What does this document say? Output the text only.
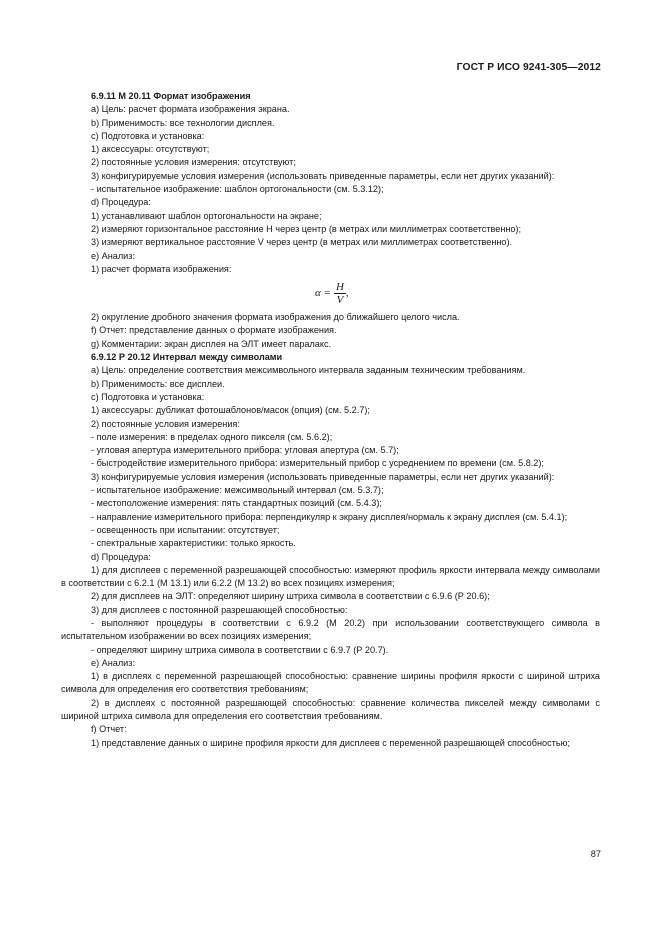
ГОСТ Р ИСО 9241-305—2012

6.9.11 М 20.11 Формат изображения

a) Цель: расчет формата изображения экрана.

b) Применимость: все технологии дисплея.

c) Подготовка и установка:

1) аксессуары: отсутствуют;

2) постоянные условия измерения: отсутствуют;

3) конфигурируемые условия измерения (использовать приведенные параметры, если нет других указаний):

- испытательное изображение: шаблон ортогональности (см. 5.3.12);

d) Процедура:

1) устанавливают шаблон ортогональности на экране;

2) измеряют горизонтальное расстояние H через центр (в метрах или миллиметрах соответственно);

3) измеряют вертикальное расстояние V через центр (в метрах или миллиметрах соответственно).

e) Анализ:

1) расчет формата изображения:

$\alpha = \frac{H}{V}$ ,

2) округление дробного значения формата изображения до ближайшего целого числа.

f) Отчет: представление данных о формате изображения.

g) Комментарии: экран дисплея на ЭЛТ имеет паралакс.

6.9.12 Р 20.12 Интервал между символами

a) Цель: определение соответствия межсимвольного интервала заданным техническим требованиям.

b) Применимость: все дисплеи.

c) Подготовка и установка:

1) аксессуары: дубликат фотошаблонов/масок (опция) (см. 5.2.7);

2) постоянные условия измерения:

- поле измерения: в пределах одного пикселя (см. 5.6.2);

- угловая апертура измерительного прибора: угловая апертура (см. 5.7);

- быстродействие измерительного прибора: измерительный прибор с усреднением по времени (см. 5.8.2);

3) конфигурируемые условия измерения (использовать приведенные параметры, если нет других указаний):

- испытательное изображение: межсимвольный интервал (см. 5.3.7);

- местоположение измерения: пять стандартных позиций (см. 5.4.3);

- направление измерительного прибора: перпендикуляр к экрану дисплея/нормаль к экрану дисплея (см. 5.4.1);

- освещенность при испытании: отсутствует;

- спектральные характеристики: только яркость.

d) Процедура:

1) для дисплеев с переменной разрешающей способностью: измеряют профиль яркости интервала между символами в соответствии с 6.2.1 (М 13.1) или 6.2.2 (М 13.2) во всех позициях измерения;

2) для дисплеев на ЭЛТ: определяют ширину штриха символа в соответствии с 6.9.6 (Р 20.6);

3) для дисплеев с постоянной разрешающей способностью:

- выполняют процедуры в соответствии с 6.9.2 (М 20.2) при использовании соответствующего символа в испытательном изображении во всех позициях измерения;

- определяют ширину штриха символа в соответствии с 6.9.7 (Р 20.7).

e) Анализ:

1) в дисплеях с переменной разрешающей способностью: сравнение ширины профиля яркости с шириной штриха символа для определения его соответствия требованиям;

2) в дисплеях с постоянной разрешающей способностью: сравнение количества пикселей между символами с шириной штриха символа для определения его соответствия требованиям.

f) Отчет:

1) представление данных о ширине профиля яркости для дисплеев с переменной разрешающей способностью;

87
